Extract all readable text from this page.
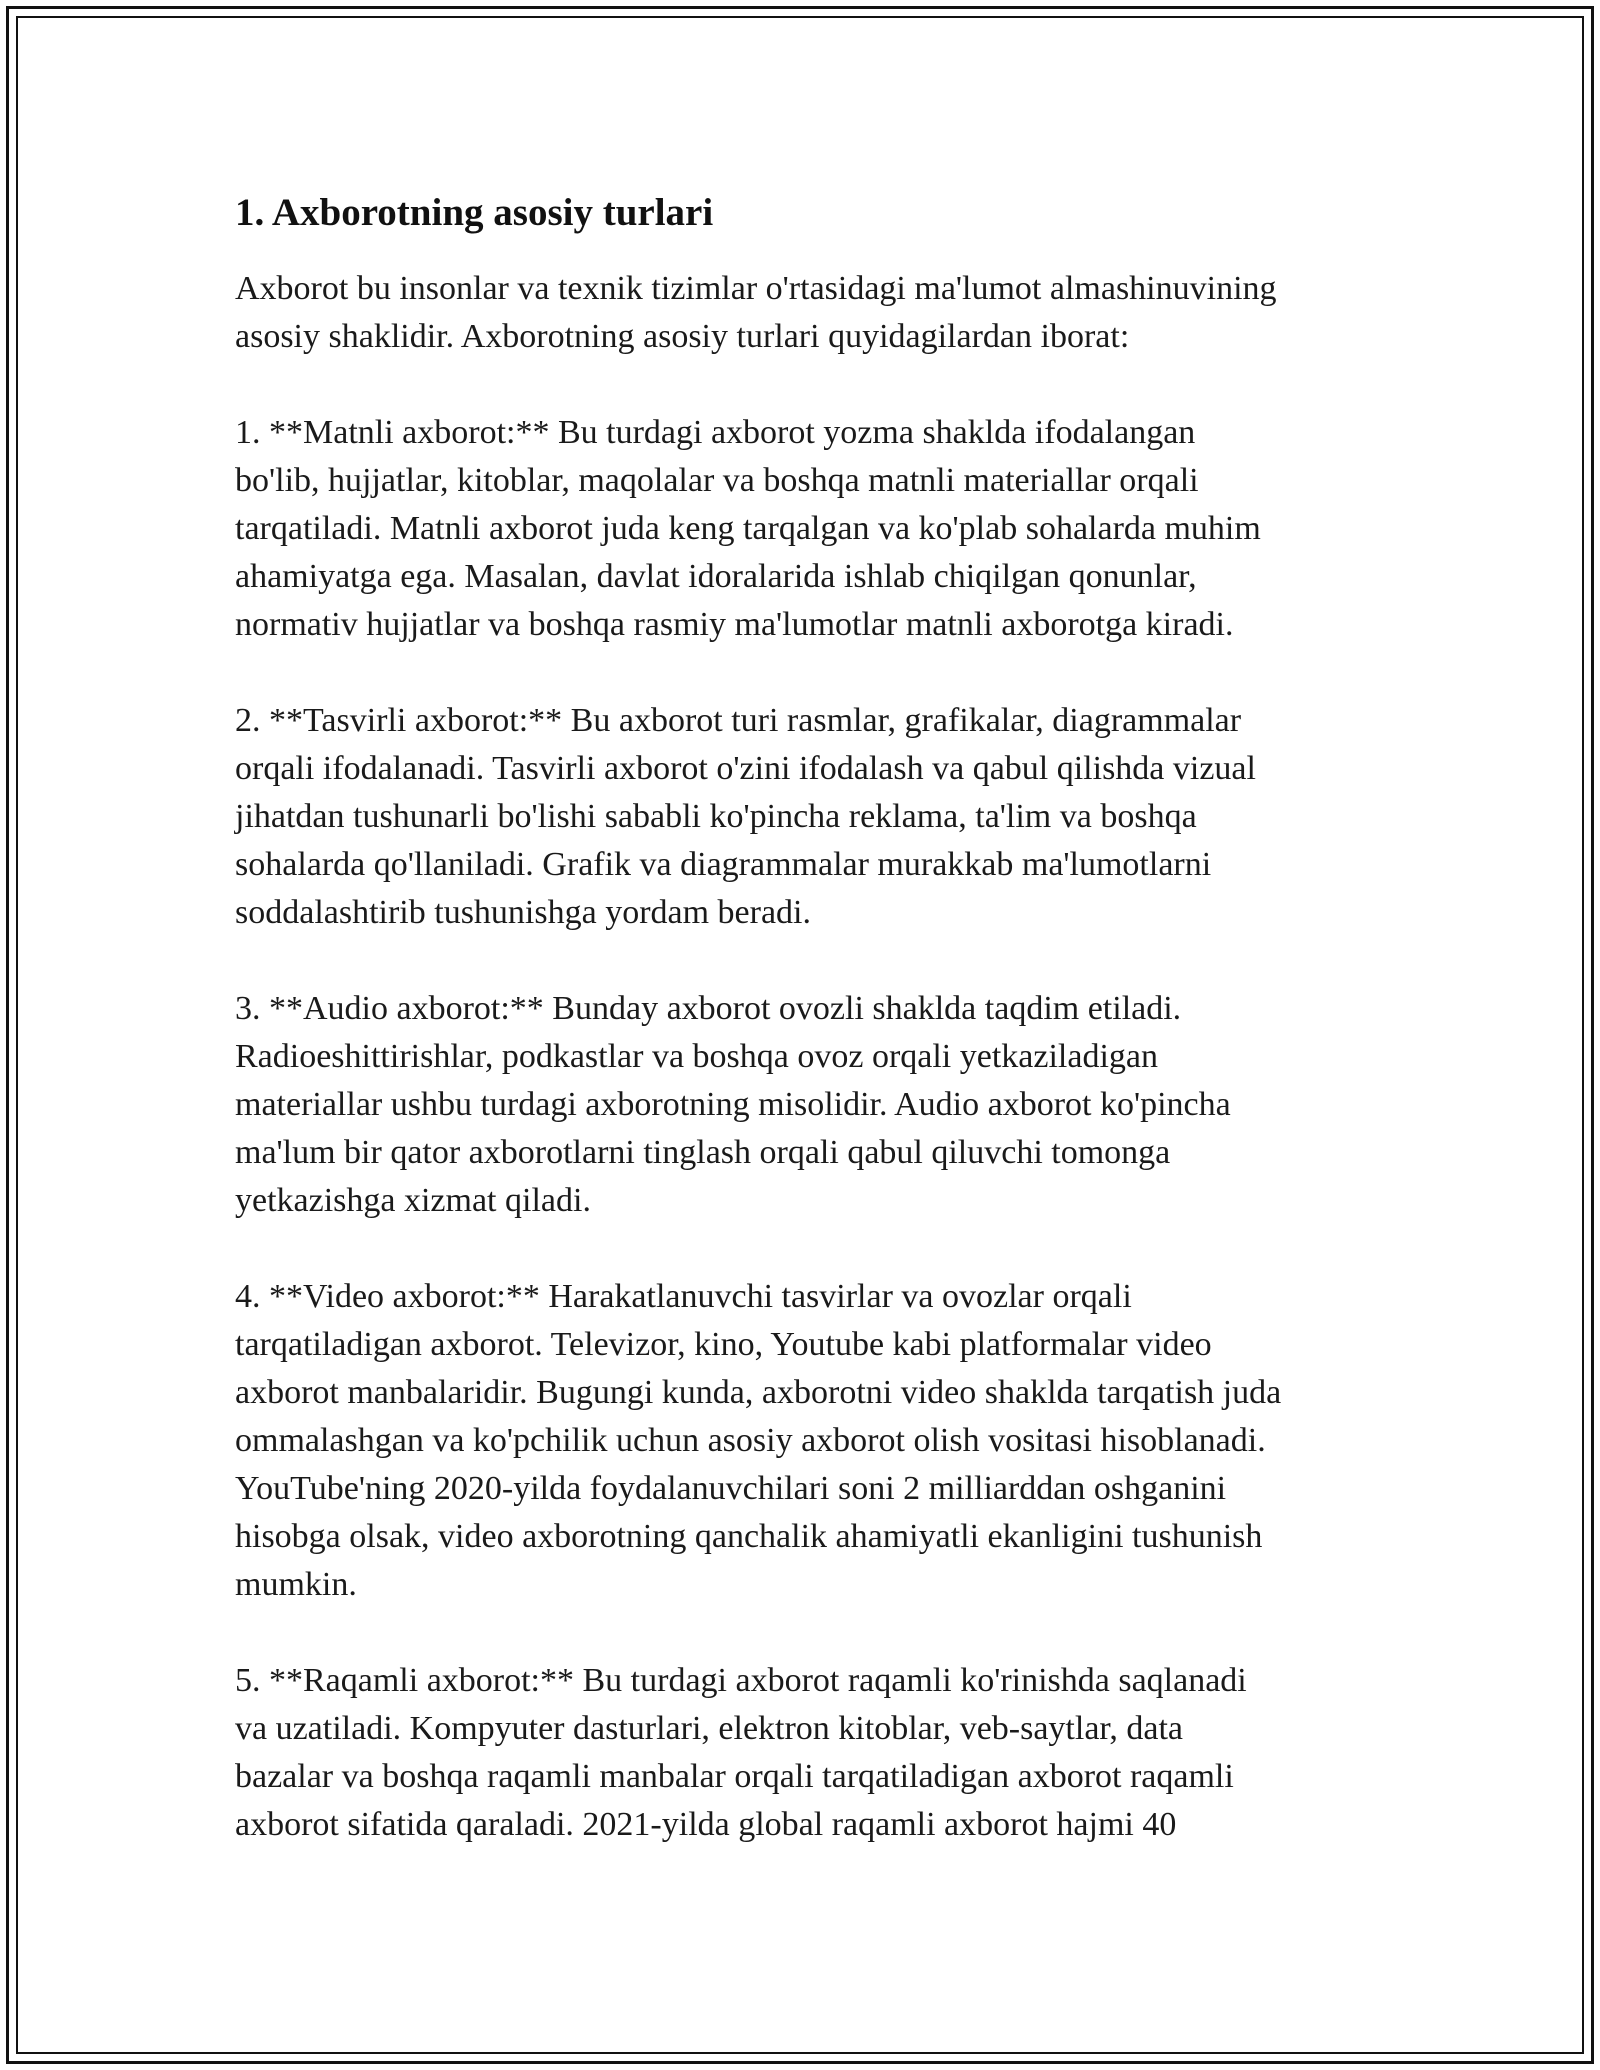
1. Axborotning asosiy turlari

Axborot bu insonlar va texnik tizimlar o'rtasidagi ma'lumot almashinuvining
asosiy shaklidir. Axborotning asosiy turlari quyidagilardan iborat:

1. **Matnli axborot:** Bu turdagi axborot yozma shaklda ifodalangan
bo'lib, hujjatlar, kitoblar, maqolalar va boshqa matnli materiallar orqali
tarqatiladi. Matnli axborot juda keng tarqalgan va ko'plab sohalarda muhim
ahamiyatga ega. Masalan, davlat idoralarida ishlab chiqilgan qonunlar,
normativ hujjatlar va boshqa rasmiy ma'lumotlar matnli axborotga kiradi.

2. **Tasvirli axborot:** Bu axborot turi rasmlar, grafikalar, diagrammalar
orqali ifodalanadi. Tasvirli axborot o'zini ifodalash va qabul qilishda vizual
jihatdan tushunarli bo'lishi sababli ko'pincha reklama, ta'lim va boshqa
sohalarda qo'llaniladi. Grafik va diagrammalar murakkab ma'lumotlarni
soddalashtirib tushunishga yordam beradi.

3. **Audio axborot:** Bunday axborot ovozli shaklda taqdim etiladi.
Radioeshittirishlar, podkastlar va boshqa ovoz orqali yetkaziladigan
materiallar ushbu turdagi axborotning misolidir. Audio axborot ko'pincha
ma'lum bir qator axborotlarni tinglash orqali qabul qiluvchi tomonga
yetkazishga xizmat qiladi.

4. **Video axborot:** Harakatlanuvchi tasvirlar va ovozlar orqali
tarqatiladigan axborot. Televizor, kino, Youtube kabi platformalar video
axborot manbalaridir. Bugungi kunda, axborotni video shaklda tarqatish juda
ommalashgan va ko'pchilik uchun asosiy axborot olish vositasi hisoblanadi.
YouTube'ning 2020-yilda foydalanuvchilari soni 2 milliarddan oshganini
hisobga olsak, video axborotning qanchalik ahamiyatli ekanligini tushunish
mumkin.

5. **Raqamli axborot:** Bu turdagi axborot raqamli ko'rinishda saqlanadi
va uzatiladi. Kompyuter dasturlari, elektron kitoblar, veb-saytlar, data
bazalar va boshqa raqamli manbalar orqali tarqatiladigan axborot raqamli
axborot sifatida qaraladi. 2021-yilda global raqamli axborot hajmi 40
